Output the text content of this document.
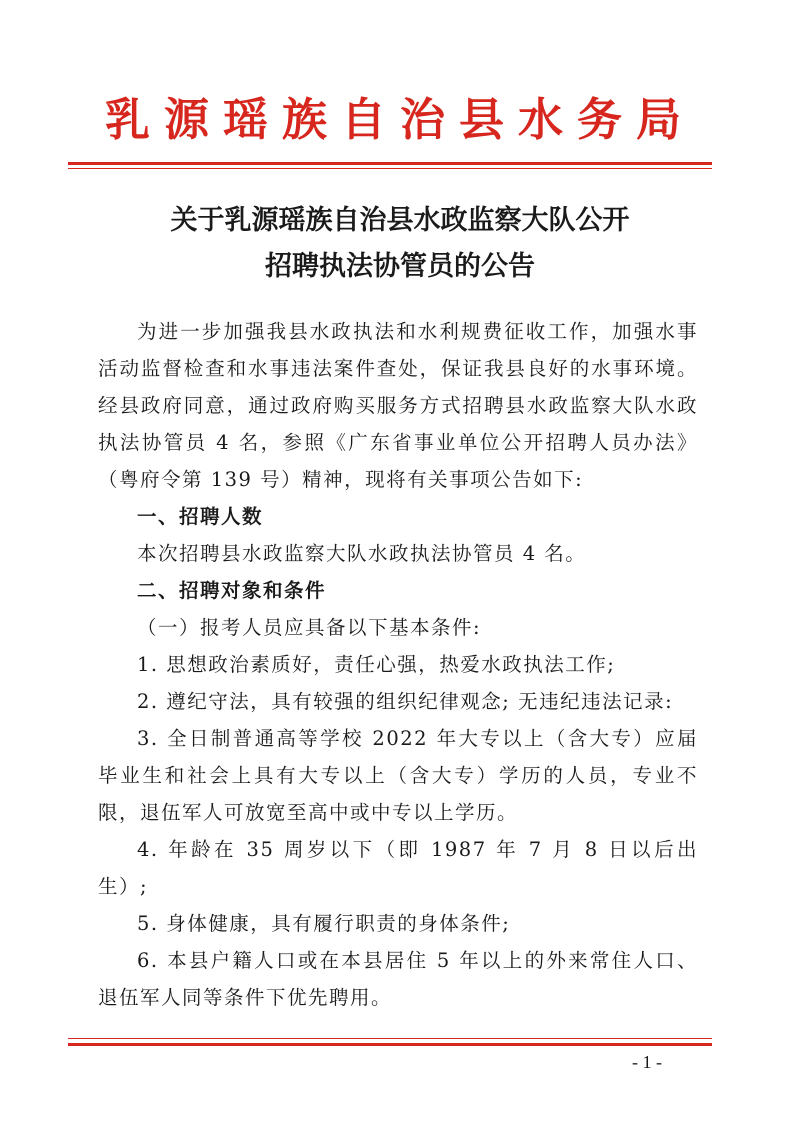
乳源瑶族自治县水务局
关于乳源瑶族自治县水政监察大队公开
招聘执法协管员的公告

为进一步加强我县水政执法和水利规费征收工作，加强水事活动监督检查和水事违法案件查处，保证我县良好的水事环境。经县政府同意，通过政府购买服务方式招聘县水政监察大队水政执法协管员 4 名，参照《广东省事业单位公开招聘人员办法》（粤府令第 139 号）精神，现将有关事项公告如下:

一、招聘人数

本次招聘县水政监察大队水政执法协管员 4 名。

二、招聘对象和条件

（一）报考人员应具备以下基本条件:

1. 思想政治素质好，责任心强，热爱水政执法工作;

2. 遵纪守法，具有较强的组织纪律观念; 无违纪违法记录:

3. 全日制普通高等学校 2022 年大专以上（含大专）应届毕业生和社会上具有大专以上（含大专）学历的人员，专业不限，退伍军人可放宽至高中或中专以上学历。

4. 年龄在 35 周岁以下（即 1987 年 7 月 8 日以后出生）;

5. 身体健康，具有履行职责的身体条件;

6. 本县户籍人口或在本县居住 5 年以上的外来常住人口、退伍军人同等条件下优先聘用。

- 1 -
